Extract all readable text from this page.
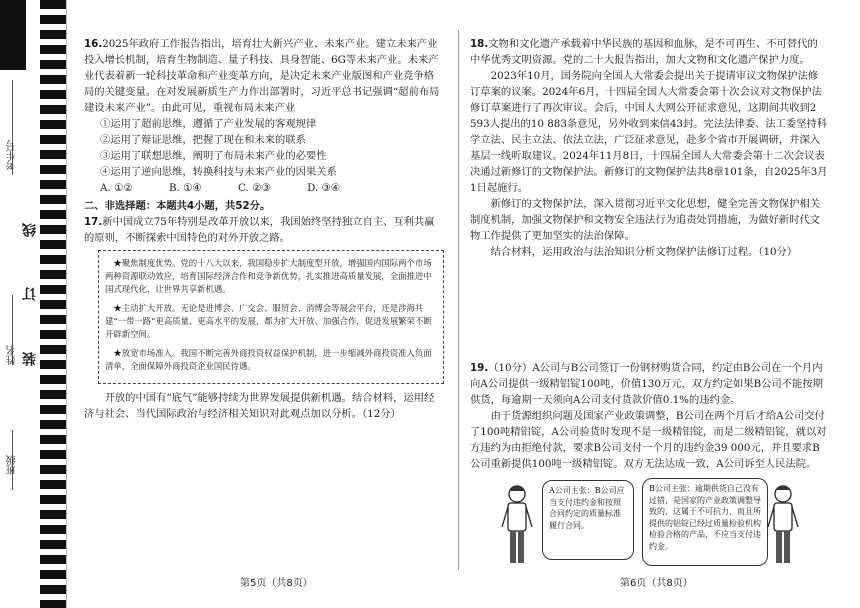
考生号
姓名
班级
线
订
装

16.2025年政府工作报告指出，培育壮大新兴产业、未来产业。建立未来产业投入增长机制，培育生物制造、量子科技、具身智能、6G等未来产业。未来产业代表着新一轮科技革命和产业变革方向，是决定未来产业版图和产业竞争格局的关键变量。在对发展新质生产力作出部署时，习近平总书记强调“超前布局建设未来产业”。由此可见，重视布局未来产业

①运用了超前思维，遵循了产业发展的客观规律

②运用了辩证思维，把握了现在和未来的联系

③运用了联想思维，阐明了布局未来产业的必要性

④运用了逆向思维，转换科技与未来产业的因果关系

A. ①②	B. ①④	C. ②③	D. ③④

二、非选择题：本题共4小题，共52分。

17.新中国成立75年特别是改革开放以来，我国始终坚持独立自主、互利共赢的原则，不断探索中国特色的对外开放之路。

★聚焦制度优势。党的十八大以来，我国稳步扩大制度型开放，增强国内国际两个市场两种资源联动效应，培育国际经济合作和竞争新优势，扎实推进高质量发展，全面推进中国式现代化，让世界共享新机遇。

★主动扩大开放。无论是进博会、广交会、服贸会、消博会等展会平台，还是涉海共建“一带一路”更高质量、更高水平的发展，都为扩大开放、加强合作，促进发展繁荣不断开辟新空间。

★放宽市场准入。我国不断完善外商投资权益保护机制，进一步缩减外商投资准入负面清单，全面保障外商投资企业国民待遇。

开放的中国有“底气”能够持续为世界发展提供新机遇。结合材料，运用经济与社会、当代国际政治与经济相关知识对此观点加以分析。（12分）

第5页（共8页）

18.文物和文化遗产承载着中华民族的基因和血脉，是不可再生、不可替代的中华优秀文明资源。党的二十大报告指出，加大文物和文化遗产保护力度。

2023年10月，国务院向全国人大常委会提出关于提请审议文物保护法修订草案的议案。2024年6月，十四届全国人大常委会第十次会议对文物保护法修订草案进行了再次审议。会后，中国人大网公开征求意见，这期间共收到2 593人提出的10 883条意见，另外收到来信43封。完法法律委、法工委坚持科学立法、民主立法、依法立法，广泛征求意见，赴多个省市开展调研，并深入基层一线听取建议。2024年11月8日，十四届全国人大常委会第十二次会议表决通过新修订的文物保护法。新修订的文物保护法共8章101条，自2025年3月1日起施行。

新修订的文物保护法，深入贯彻习近平文化思想，健全完善文物保护相关制度机制，加强文物保护和文物安全违法行为追责处罚措施，为做好新时代文物工作提供了更加坚实的法治保障。

结合材料，运用政治与法治知识分析文物保护法修订过程。（10分）

19.（10分）A公司与B公司签订一份钢材购货合同，约定由B公司在一个月内向A公司提供一级精铝锭100吨，价值130万元，双方约定如果B公司不能按期供货，每逾期一天须向A公司支付货款价值0.1%的违约金。

由于货源组织问题及国家产业政策调整，B公司在两个月后才给A公司交付了100吨精铝锭，A公司验货时发现不是一级精铝锭，而是二级精铝锭，就以对方违约为由拒绝付款，要求B公司支付一个月的违约金39 000元，并且要求B公司重新提供100吨一级精铝锭。双方无法达成一致，A公司诉至人民法院。

A公司主张：B公司应当支付违约金和按照合同约定的质量标准履行合同。
B公司主张：逾期供货自己没有过错，是国家的产业政策调整导致的，这属于不可抗力，而且所提供的铝锭已经过质量检验机构检验合格的产品，不应当支付违约金。
第6页（共8页）
